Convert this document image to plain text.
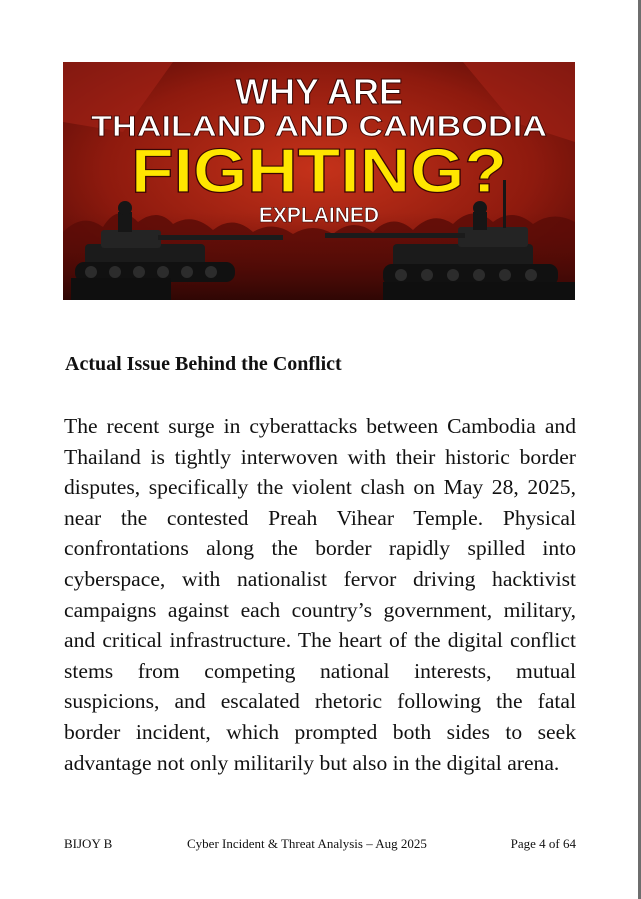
WHY ARE
THAILAND AND CAMBODIA
FIGHTING?
EXPLAINED
Actual Issue Behind the Conflict

The recent surge in cyberattacks between Cambodia and Thailand is tightly interwoven with their historic border disputes, specifically the violent clash on May 28, 2025, near the contested Preah Vihear Temple. Physical confrontations along the border rapidly spilled into cyberspace, with nationalist fervor driving hacktivist campaigns against each country’s government, military, and critical infrastructure. The heart of the digital conflict stems from competing national interests, mutual suspicions, and escalated rhetoric following the fatal border incident, which prompted both sides to seek advantage not only militarily but also in the digital arena.

BIJOY B	Cyber Incident & Threat Analysis – Aug 2025	Page 4 of 64
